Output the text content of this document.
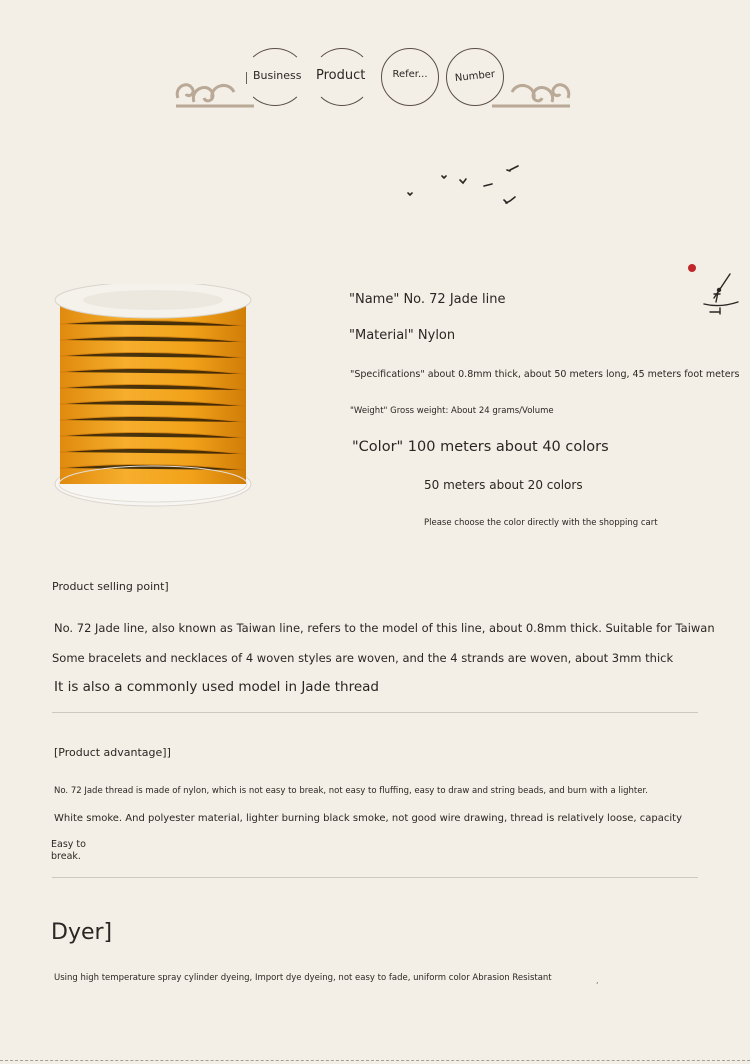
Business Product	Refer...	Number
"Name" No. 72 Jade line
"Material" Nylon
"Specifications" about 0.8mm thick, about 50 meters long, 45 meters foot meters
"Weight" Gross weight: About 24 grams/Volume
"Color" 100 meters about 40 colors
50 meters about 20 colors
Please choose the color directly with the shopping cart
Product selling point]
No. 72 Jade line, also known as Taiwan line, refers to the model of this line, about 0.8mm thick. Suitable for Taiwan
Some bracelets and necklaces of 4 woven styles are woven, and the 4 strands are woven, about 3mm thick
It is also a commonly used model in Jade thread
[Product advantage]]
No. 72 Jade thread is made of nylon, which is not easy to break, not easy to fluffing, easy to draw and string beads, and burn with a lighter.
White smoke. And polyester material, lighter burning black smoke, not good wire drawing, thread is relatively loose, capacity
Easy to
break.
Dyer]
Using high temperature spray cylinder dyeing, Import dye dyeing, not easy to fade, uniform color Abrasion Resistant	,
